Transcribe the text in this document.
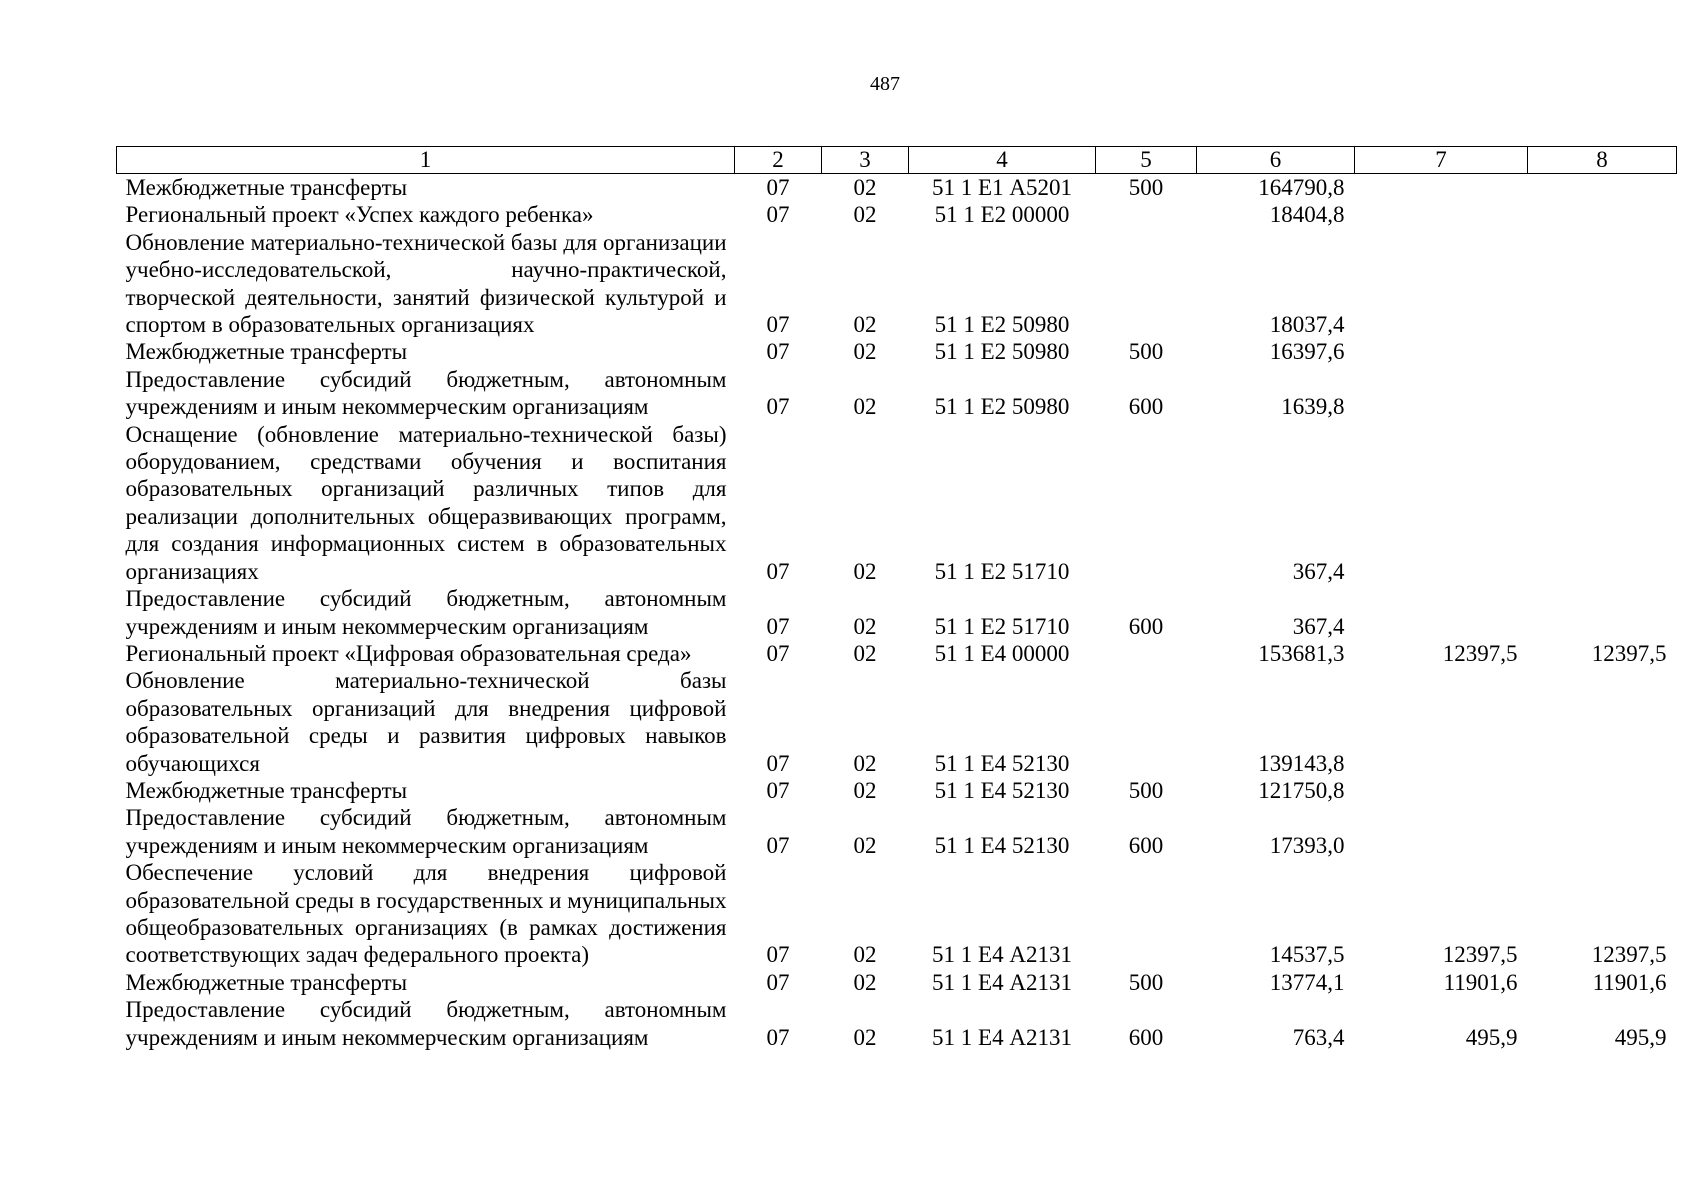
487
1	2	3	4	5	6	7	8
Межбюджетные трансферты	07	02	51 1 Е1 А5201	500	164790,8		
Региональный проект «Успех каждого ребенка»	07	02	51 1 Е2 00000		18404,8		
Обновление материально-технической базы для организации учебно-исследовательской, научно-практической, творческой деятельности, занятий физической культурой и спортом в образовательных организациях	07	02	51 1 Е2 50980		18037,4		
Межбюджетные трансферты	07	02	51 1 Е2 50980	500	16397,6		
Предоставление субсидий бюджетным, автономным учреждениям и иным некоммерческим организациям	07	02	51 1 Е2 50980	600	1639,8		
Оснащение (обновление материально-технической базы) оборудованием, средствами обучения и воспитания образовательных организаций различных типов для реализации дополнительных общеразвивающих программ, для создания информационных систем в образовательных организациях	07	02	51 1 Е2 51710		367,4		
Предоставление субсидий бюджетным, автономным учреждениям и иным некоммерческим организациям	07	02	51 1 Е2 51710	600	367,4		
Региональный проект «Цифровая образовательная среда»	07	02	51 1 Е4 00000		153681,3	12397,5	12397,5
Обновление материально-технической базы образовательных организаций для внедрения цифровой образовательной среды и развития цифровых навыков обучающихся	07	02	51 1 Е4 52130		139143,8		
Межбюджетные трансферты	07	02	51 1 Е4 52130	500	121750,8		
Предоставление субсидий бюджетным, автономным учреждениям и иным некоммерческим организациям	07	02	51 1 Е4 52130	600	17393,0		
Обеспечение условий для внедрения цифровой образовательной среды в государственных и муниципальных общеобразовательных организациях (в рамках достижения соответствующих задач федерального проекта)	07	02	51 1 Е4 А2131		14537,5	12397,5	12397,5
Межбюджетные трансферты	07	02	51 1 Е4 А2131	500	13774,1	11901,6	11901,6
Предоставление субсидий бюджетным, автономным учреждениям и иным некоммерческим организациям	07	02	51 1 Е4 А2131	600	763,4	495,9	495,9
